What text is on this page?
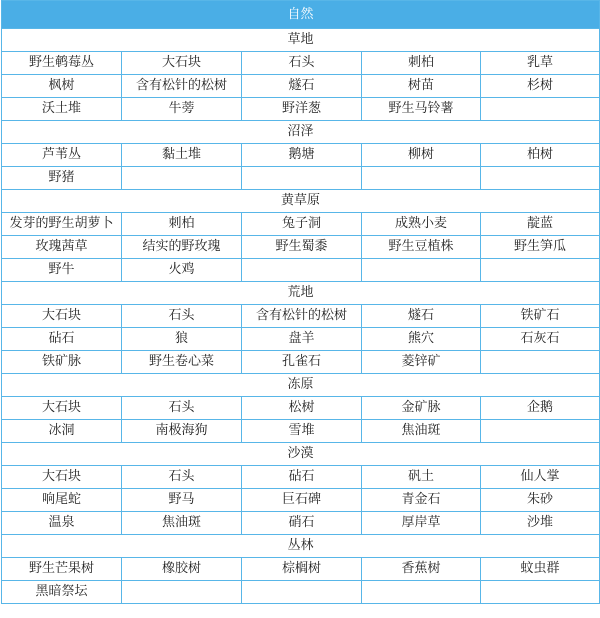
自然				
草地				
野生鹌莓丛	大石块	石头	刺柏	乳草
枫树	含有松针的松树	燧石	树苗	杉树
沃土堆	牛蒡	野洋葱	野生马铃薯	
沼泽				
芦苇丛	黏土堆	鹅塘	柳树	柏树
野猪				
黄草原				
发芽的野生胡萝卜	刺柏	兔子洞	成熟小麦	靛蓝
玫瑰茜草	结实的野玫瑰	野生蜀黍	野生豆植株	野生笋瓜
野牛	火鸡			
荒地				
大石块	石头	含有松针的松树	燧石	铁矿石
砧石	狼	盘羊	熊穴	石灰石
铁矿脉	野生卷心菜	孔雀石	菱锌矿	
冻原				
大石块	石头	松树	金矿脉	企鹅
冰洞	南极海狗	雪堆	焦油斑	
沙漠				
大石块	石头	砧石	矾土	仙人掌
响尾蛇	野马	巨石碑	青金石	朱砂
温泉	焦油斑	硝石	厚岸草	沙堆
丛林				
野生芒果树	橡胶树	棕榈树	香蕉树	蚊虫群
黑暗祭坛				
